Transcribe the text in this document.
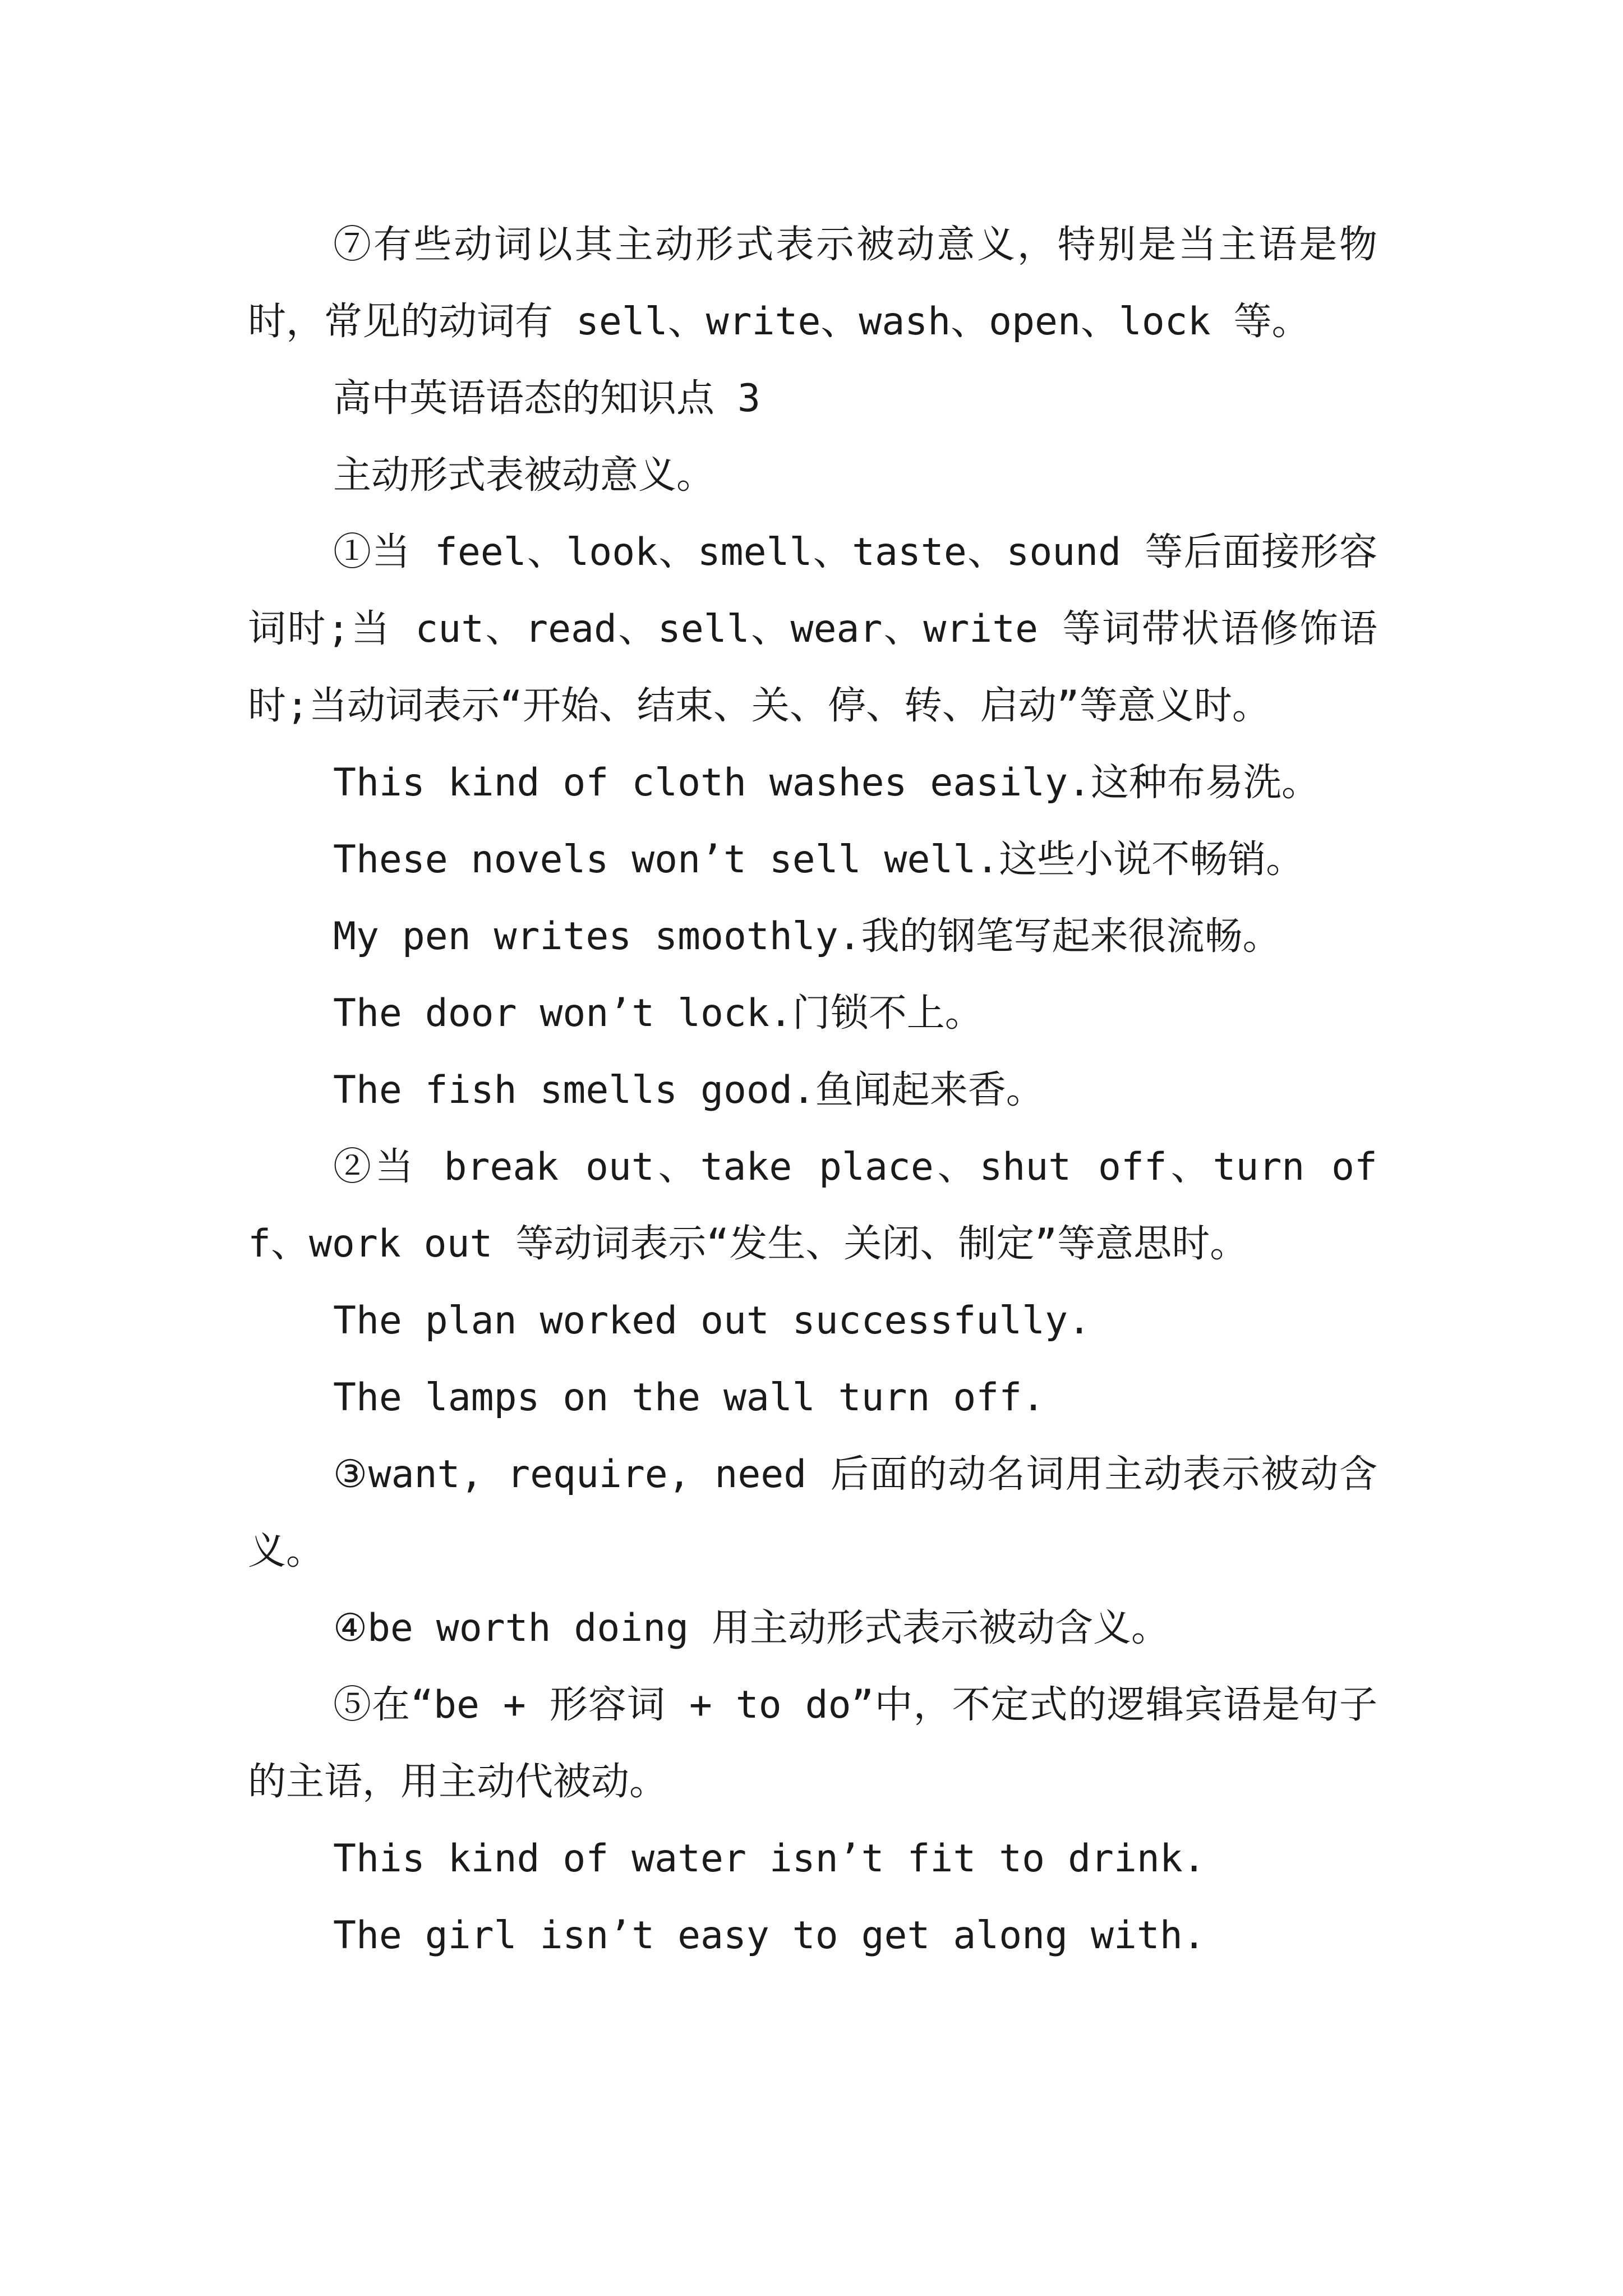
⑦有些动词以其主动形式表示被动意义，特别是当主语是物时，常见的动词有 sell、write、wash、open、lock 等。

高中英语语态的知识点 3

主动形式表被动意义。

①当 feel、look、smell、taste、sound 等后面接形容词时;当 cut、read、sell、wear、write 等词带状语修饰语时;当动词表示“开始、结束、关、停、转、启动”等意义时。

This kind of cloth washes easily.这种布易洗。

These novels won’t sell well.这些小说不畅销。

My pen writes smoothly.我的钢笔写起来很流畅。

The door won’t lock.门锁不上。

The fish smells good.鱼闻起来香。

②当 break out、take place、shut off、turn off、work out 等动词表示“发生、关闭、制定”等意思时。

The plan worked out successfully.

The lamps on the wall turn off.

③want, require, need 后面的动名词用主动表示被动含义。

④be worth doing 用主动形式表示被动含义。

⑤在“be + 形容词 + to do”中，不定式的逻辑宾语是句子的主语，用主动代被动。

This kind of water isn’t fit to drink.

The girl isn’t easy to get along with.
